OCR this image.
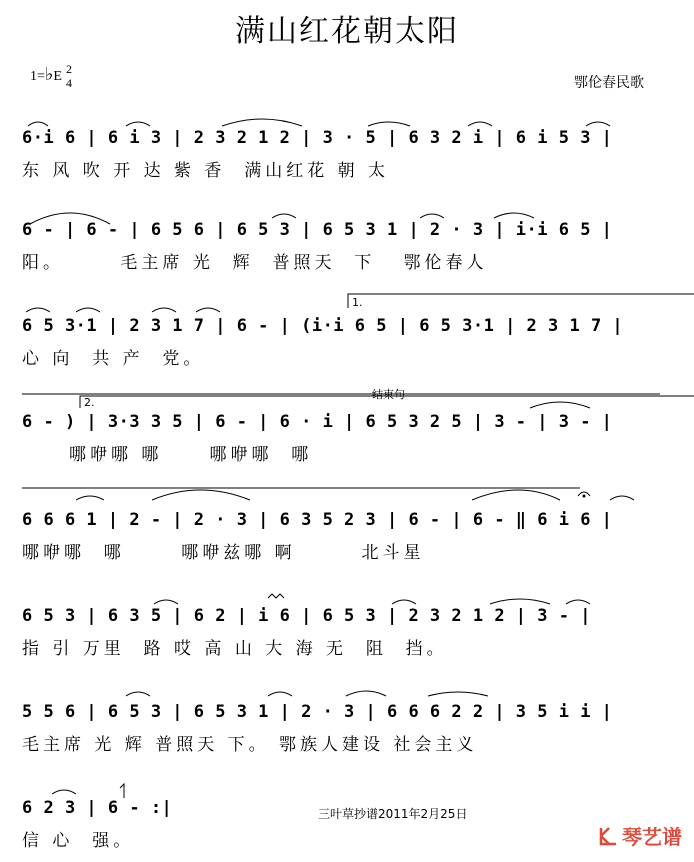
满山红花朝太阳
1=♭E 2
4	鄂伦春民歌
6·i 6 | 6 i 3 | 2 3 2 1 2 | 3 · 5 | 6 3 2 i | 6 i 5 3 |
东 风 吹 开 达 紫 香  满山红花 朝 太
6 - | 6 - | 6 5 6 | 6 5 3 | 6 5 3 1 | 2 · 3 | i·i 6 5 |
阳。      毛主席 光  辉  普照天  下   鄂伦春人
1.
6 5 3·1 | 2 3 1 7 | 6 - | (i·i 6 5 | 6 5 3·1 | 2 3 1 7 |
心 向  共 产  党。
2.
结束句
6 - ) | 3·3 3 5 | 6 - | 6 · i | 6 5 3 2 5 | 3 - | 3 - |
哪咿哪 哪     哪咿哪  哪
6 6 6 1 | 2 - | 2 · 3 | 6 3 5 2 3 | 6 - | 6 - ‖ 6 i 6 |
哪咿哪  哪      哪咿兹哪 啊       北斗星
6 5 3 | 6 3 5 | 6 2 | i 6 | 6 5 3 | 2 3 2 1 2 | 3 - |
指 引 万里  路 哎 高 山 大 海 无  阻  挡。
5 5 6 | 6 5 3 | 6 5 3 1 | 2 · 3 | 6 6 6 2 2 | 3 5 i i |
毛主席 光 辉 普照天 下。 鄂族人建设 社会主义
6 2 3 | 6 - :|
信 心  强。
三叶草抄谱2011年2月25日
琴艺谱
